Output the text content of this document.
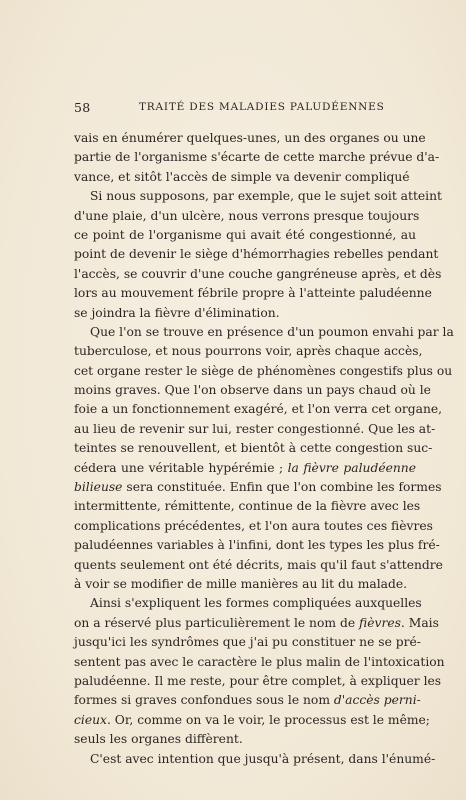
58	TRAITÉ DES MALADIES PALUDÉENNES
vais en énumérer quelques-unes, un des organes ou une
partie de l'organisme s'écarte de cette marche prévue d'a-
vance, et sitôt l'accès de simple va devenir compliqué
Si nous supposons, par exemple, que le sujet soit atteint
d'une plaie, d'un ulcère, nous verrons presque toujours
ce point de l'organisme qui avait été congestionné, au
point de devenir le siège d'hémorrhagies rebelles pendant
l'accès, se couvrir d'une couche gangréneuse après, et dès
lors au mouvement fébrile propre à l'atteinte paludéenne
se joindra la fièvre d'élimination.
Que l'on se trouve en présence d'un poumon envahi par la
tuberculose, et nous pourrons voir, après chaque accès,
cet organe rester le siège de phénomènes congestifs plus ou
moins graves. Que l'on observe dans un pays chaud où le
foie a un fonctionnement exagéré, et l'on verra cet organe,
au lieu de revenir sur lui, rester congestionné. Que les at-
teintes se renouvellent, et bientôt à cette congestion suc-
cédera une véritable hypérémie ; la fièvre paludéenne
bilieuse sera constituée. Enfin que l'on combine les formes
intermittente, rémittente, continue de la fièvre avec les
complications précédentes, et l'on aura toutes ces fièvres
paludéennes variables à l'infini, dont les types les plus fré-
quents seulement ont été décrits, mais qu'il faut s'attendre
à voir se modifier de mille manières au lit du malade.
Ainsi s'expliquent les formes compliquées auxquelles
on a réservé plus particulièrement le nom de fièvres. Mais
jusqu'ici les syndrômes que j'ai pu constituer ne se pré-
sentent pas avec le caractère le plus malin de l'intoxication
paludéenne. Il me reste, pour être complet, à expliquer les
formes si graves confondues sous le nom d'accès perni-
cieux. Or, comme on va le voir, le processus est le même;
seuls les organes diffèrent.
C'est avec intention que jusqu'à présent, dans l'énumé-
